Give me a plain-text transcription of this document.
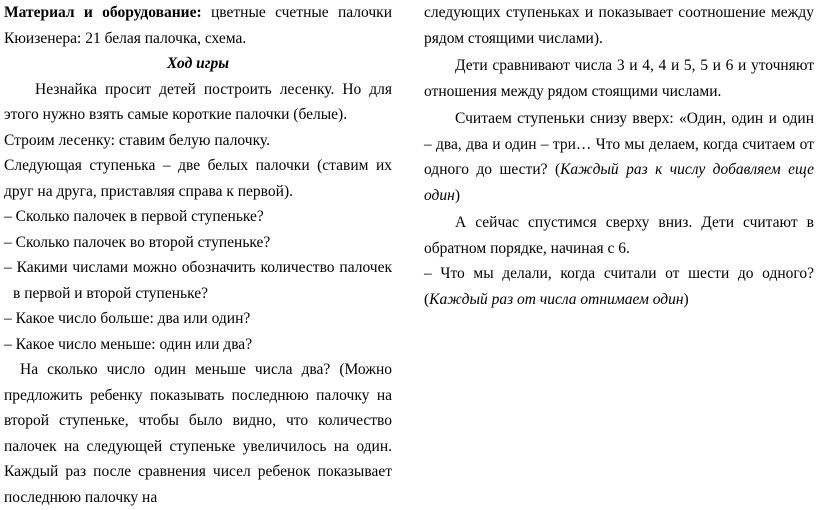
Материал и оборудование: цветные счетные палочки Кюизенера: 21 белая палочка, схема.

Ход игры

Незнайка просит детей построить лесенку. Но для этого нужно взять самые короткие палочки (белые).

Строим лесенку: ставим белую палочку.

Следующая ступенька – две белых палочки (ставим их друг на друга, приставляя справа к первой).

– Сколько палочек в первой ступеньке?

– Сколько палочек во второй ступеньке?

– Какими числами можно обозначить количество палочек в первой и второй ступеньке?

– Какое число больше: два или один?

– Какое число меньше: один или два?

На сколько число один меньше числа два? (Можно предложить ребенку показывать последнюю палочку на второй ступеньке, чтобы было видно, что количество палочек на следующей ступеньке увеличилось на один. Каждый раз после сравнения чисел ребенок показывает последнюю палочку на

следующих ступеньках и показывает соотношение между рядом стоящими числами).

Дети сравнивают числа 3 и 4, 4 и 5, 5 и 6 и уточняют отношения между рядом стоящими числами.

Считаем ступеньки снизу вверх: «Один, один и один – два, два и один – три… Что мы делаем, когда считаем от одного до шести? (Каждый раз к числу добавляем еще один)

А сейчас спустимся сверху вниз. Дети считают в обратном порядке, начиная с 6.

– Что мы делали, когда считали от шести до одного? (Каждый раз от числа отнимаем один)
